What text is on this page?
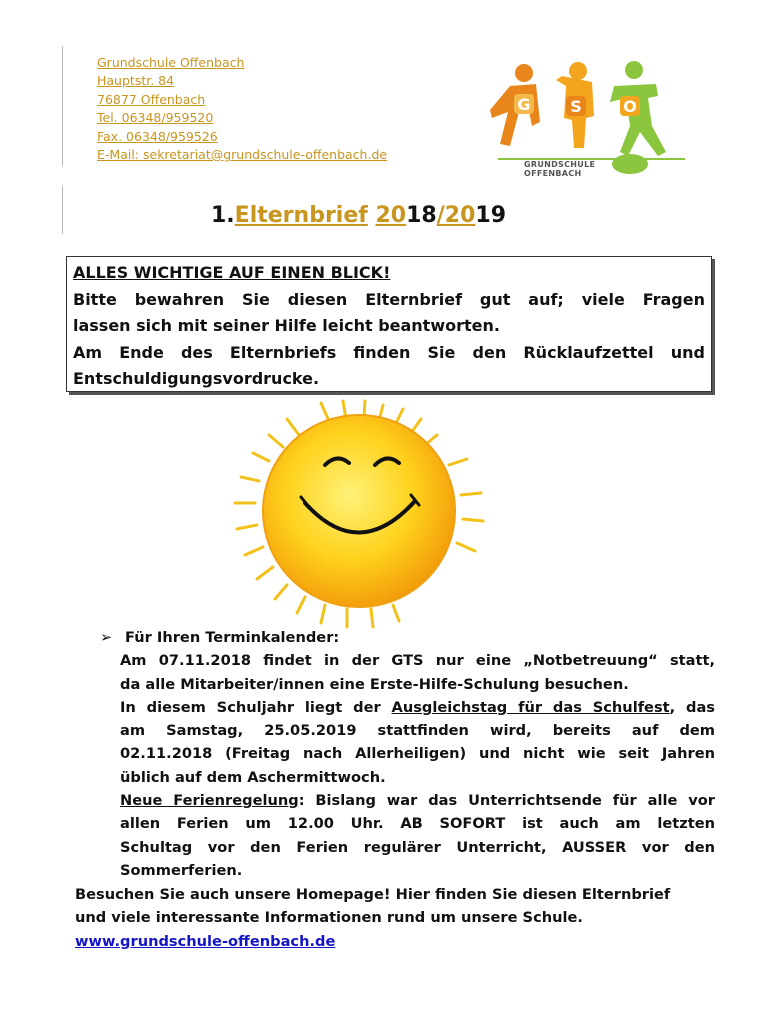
Grundschule Offenbach
Hauptstr. 84
76877 Offenbach
Tel. 06348/959520
Fax. 06348/959526
E-Mail: sekretariat@grundschule-offenbach.de
G S	O
GRUNDSCHULE
OFFENBACH
1.Elternbrief 2018/2019
ALLES WICHTIGE AUF EINEN BLICK!
Bitte bewahren Sie diesen Elternbrief gut auf; viele Fragen
lassen sich mit seiner Hilfe leicht beantworten.
Am Ende des Elternbriefs finden Sie den Rücklaufzettel und
Entschuldigungsvordrucke.
➢ Für Ihren Terminkalender:
Am 07.11.2018 findet in der GTS nur eine „Notbetreuung“ statt,
da alle Mitarbeiter/innen eine Erste-Hilfe-Schulung besuchen.
In diesem Schuljahr liegt der Ausgleichstag für das Schulfest, das
am Samstag, 25.05.2019 stattfinden wird, bereits auf dem
02.11.2018 (Freitag nach Allerheiligen) und nicht wie seit Jahren
üblich auf dem Aschermittwoch.
Neue Ferienregelung: Bislang war das Unterrichtsende für alle vor
allen Ferien um 12.00 Uhr. AB SOFORT ist auch am letzten
Schultag vor den Ferien regulärer Unterricht, AUSSER vor den
Sommerferien.
Besuchen Sie auch unsere Homepage! Hier finden Sie diesen Elternbrief
und viele interessante Informationen rund um unsere Schule.
www.grundschule-offenbach.de
